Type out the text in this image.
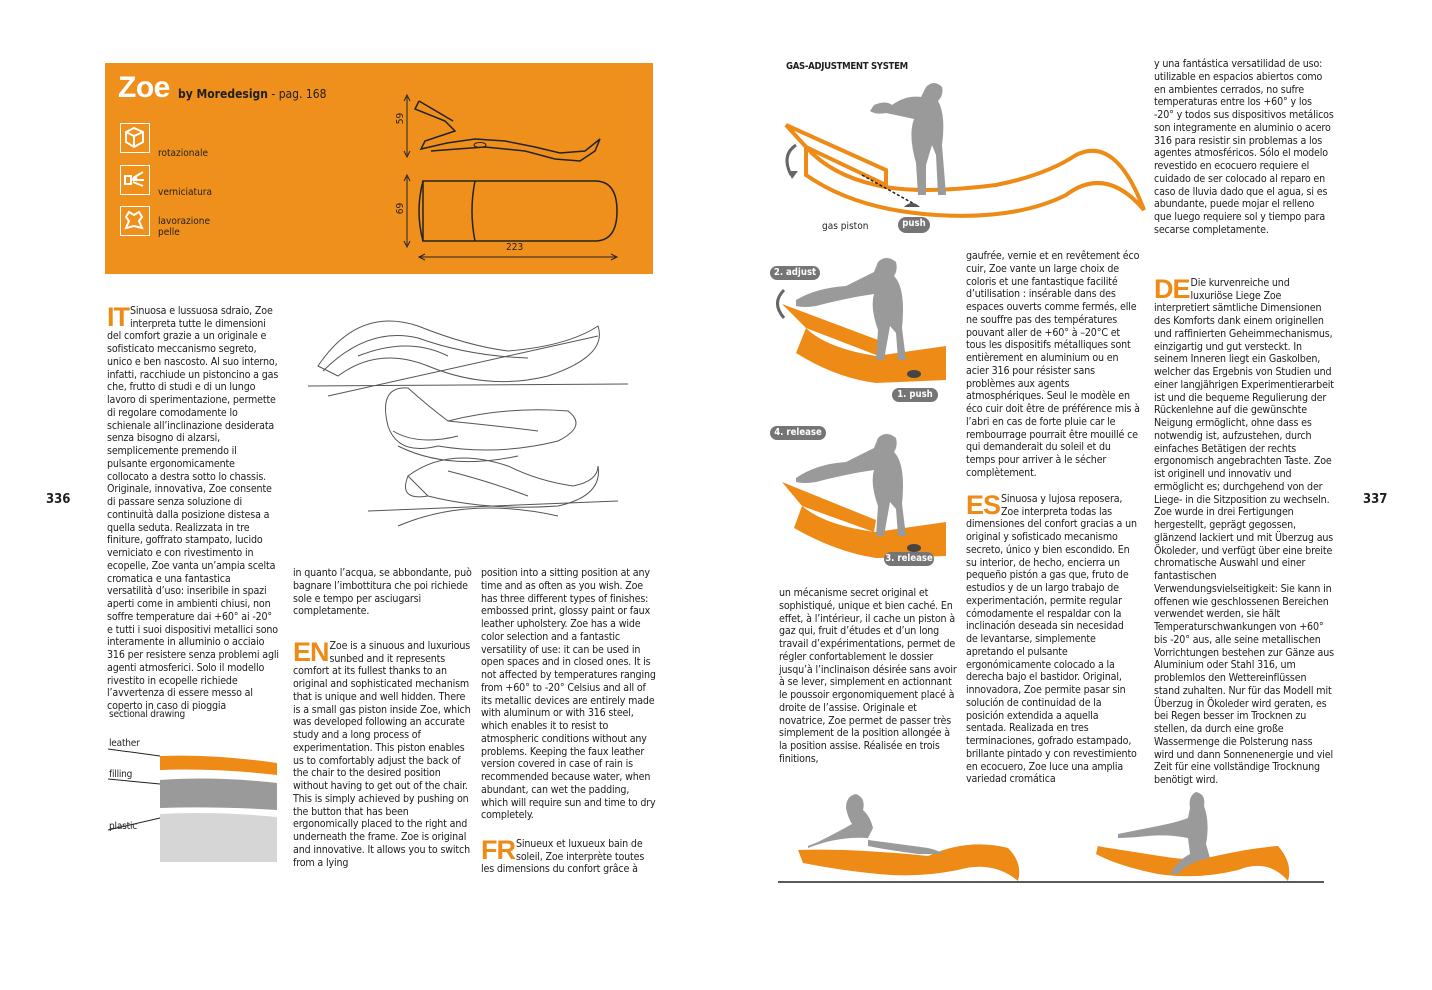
Zoe by Moredesign - pag. 168
rotazionale
verniciatura
lavorazione
pelle
59
69
223

IT Sinuosa e lussuosa sdraio, Zoe interpreta tutte le dimensioni del comfort grazie a un originale e sofisticato meccanismo segreto, unico e ben nascosto. Al suo interno, infatti, racchiude un pistoncino a gas che, frutto di studi e di un lungo lavoro di sperimentazione, permette di regolare comodamente lo schienale all’inclinazione desiderata senza bisogno di alzarsi, semplicemente premendo il pulsante ergonomicamente collocato a destra sotto lo chassis. Originale, innovativa, Zoe consente di passare senza soluzione di continuità dalla posizione distesa a quella seduta. Realizzata in tre finiture, goffrato stampato, lucido verniciato e con rivestimento in ecopelle, Zoe vanta un’ampia scelta cromatica e una fantastica versatilità d’uso: inseribile in spazi aperti come in ambienti chiusi, non soffre temperature dai +60° ai -20° e tutti i suoi dispositivi metallici sono interamente in alluminio o acciaio 316 per resistere senza problemi agli agenti atmosferici. Solo il modello rivestito in ecopelle richiede l’avvertenza di essere messo al coperto in caso di pioggia

in quanto l’acqua, se abbondante, può bagnare l’imbottitura che poi richiede sole e tempo per asciugarsi completamente.

EN Zoe is a sinuous and luxurious sunbed and it represents comfort at its fullest thanks to an original and sophisticated mechanism that is unique and well hidden. There is a small gas piston inside Zoe, which was developed following an accurate study and a long process of experimentation. This piston enables us to comfortably adjust the back of the chair to the desired position without having to get out of the chair. This is simply achieved by pushing on the button that has been ergonomically placed to the right and underneath the frame. Zoe is original and innovative. It allows you to switch from a lying

position into a sitting position at any time and as often as you wish. Zoe has three different types of finishes: embossed print, glossy paint or faux leather upholstery. Zoe has a wide color selection and a fantastic versatility of use: it can be used in open spaces and in closed ones. It is not affected by temperatures ranging from +60° to -20° Celsius and all of its metallic devices are entirely made with aluminum or with 316 steel, which enables it to resist to atmospheric conditions without any problems. Keeping the faux leather version covered in case of rain is recommended because water, when abundant, can wet the padding, which will require sun and time to dry completely.

FR Sinueux et luxueux bain de soleil, Zoe interprète toutes les dimensions du confort grâce à

sectional drawing
leather
filling
plastic
336	337
GAS-ADJUSTMENT SYSTEM
gas piston	push
2. adjust
1. push
4. release
3. release
un mécanisme secret original et sophistiqué, unique et bien caché. En effet, à l’intérieur, il cache un piston à gaz qui, fruit d’études et d’un long travail d’expérimentations, permet de régler confortablement le dossier jusqu’à l’inclinaison désirée sans avoir à se lever, simplement en actionnant le poussoir ergonomiquement placé à droite de l’assise. Originale et novatrice, Zoe permet de passer très simplement de la position allongée à la position assise. Réalisée en trois finitions,
gaufrée, vernie et en revêtement éco cuir, Zoe vante un large choix de coloris et une fantastique facilité d’utilisation : insérable dans des espaces ouverts comme fermés, elle ne souffre pas des températures pouvant aller de +60° à –20°C et tous les dispositifs métalliques sont entièrement en aluminium ou en acier 316 pour résister sans problèmes aux agents atmosphériques. Seul le modèle en éco cuir doit être de préférence mis à l’abri en cas de forte pluie car le rembourrage pourrait être mouillé ce qui demanderait du soleil et du temps pour arriver à le sécher complètement.

ES Sinuosa y lujosa reposera, Zoe interpreta todas las dimensiones del confort gracias a un original y sofisticado mecanismo secreto, único y bien escondido. En su interior, de hecho, encierra un pequeño pistón a gas que, fruto de estudios y de un largo trabajo de experimentación, permite regular cómodamente el respaldar con la inclinación deseada sin necesidad de levantarse, simplemente apretando el pulsante ergonómicamente colocado a la derecha bajo el bastidor. Original, innovadora, Zoe permite pasar sin solución de continuidad de la posición extendida a aquella sentada. Realizada en tres terminaciones, gofrado estampado, brillante pintado y con revestimiento en ecocuero, Zoe luce una amplia variedad cromática

y una fantástica versatilidad de uso: utilizable en espacios abiertos como en ambientes cerrados, no sufre temperaturas entre los +60° y los -20° y todos sus dispositivos metálicos son integramente en aluminio o acero 316 para resistir sin problemas a los agentes atmosféricos. Sólo el modelo revestido en ecocuero requiere el cuidado de ser colocado al reparo en caso de lluvia dado que el agua, si es abundante, puede mojar el relleno que luego requiere sol y tiempo para secarse completamente.

DE Die kurvenreiche und luxuriöse Liege Zoe interpretiert sämtliche Dimensionen des Komforts dank einem originellen und raffinierten Geheimmechanismus, einzigartig und gut versteckt. In seinem Inneren liegt ein Gaskolben, welcher das Ergebnis von Studien und einer langjährigen Experimentierarbeit ist und die bequeme Regulierung der Rückenlehne auf die gewünschte Neigung ermöglicht, ohne dass es notwendig ist, aufzustehen, durch einfaches Betätigen der rechts ergonomisch angebrachten Taste. Zoe ist originell und innovativ und ermöglicht es; durchgehend von der Liege- in die Sitzposition zu wechseln. Zoe wurde in drei Fertigungen hergestellt, geprägt gegossen, glänzend lackiert und mit Überzug aus Ökoleder, und verfügt über eine breite chromatische Auswahl und einer fantastischen Verwendungsvielseitigkeit: Sie kann in offenen wie geschlossenen Bereichen verwendet werden, sie hält Temperaturschwankungen von +60° bis -20° aus, alle seine metallischen Vorrichtungen bestehen zur Gänze aus Aluminium oder Stahl 316, um problemlos den Wettereinflüssen stand zuhalten. Nur für das Modell mit Überzug in Ökoleder wird geraten, es bei Regen besser im Trocknen zu stellen, da durch eine große Wassermenge die Polsterung nass wird und dann Sonnenenergie und viel Zeit für eine vollständige Trocknung benötigt wird.
